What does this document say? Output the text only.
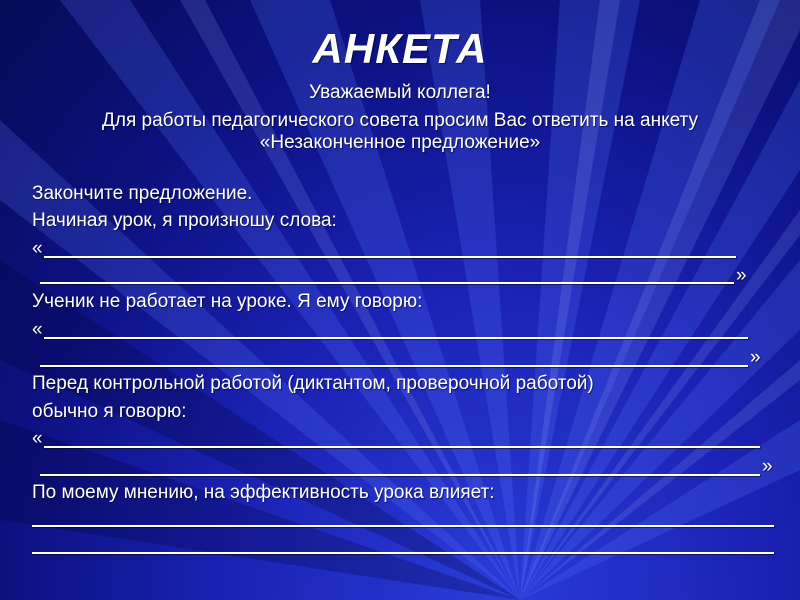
АНКЕТА
Уважаемый коллега!
Для работы педагогического совета просим Вас ответить на анкету
«Незаконченное предложение»
Закончите предложение.
Начиная урок, я произношу слова:
«
»
Ученик не работает на уроке. Я ему говорю:
«
»
Перед контрольной работой (диктантом, проверочной работой)
обычно я говорю:
«
»
По моему мнению, на эффективность урока влияет:
